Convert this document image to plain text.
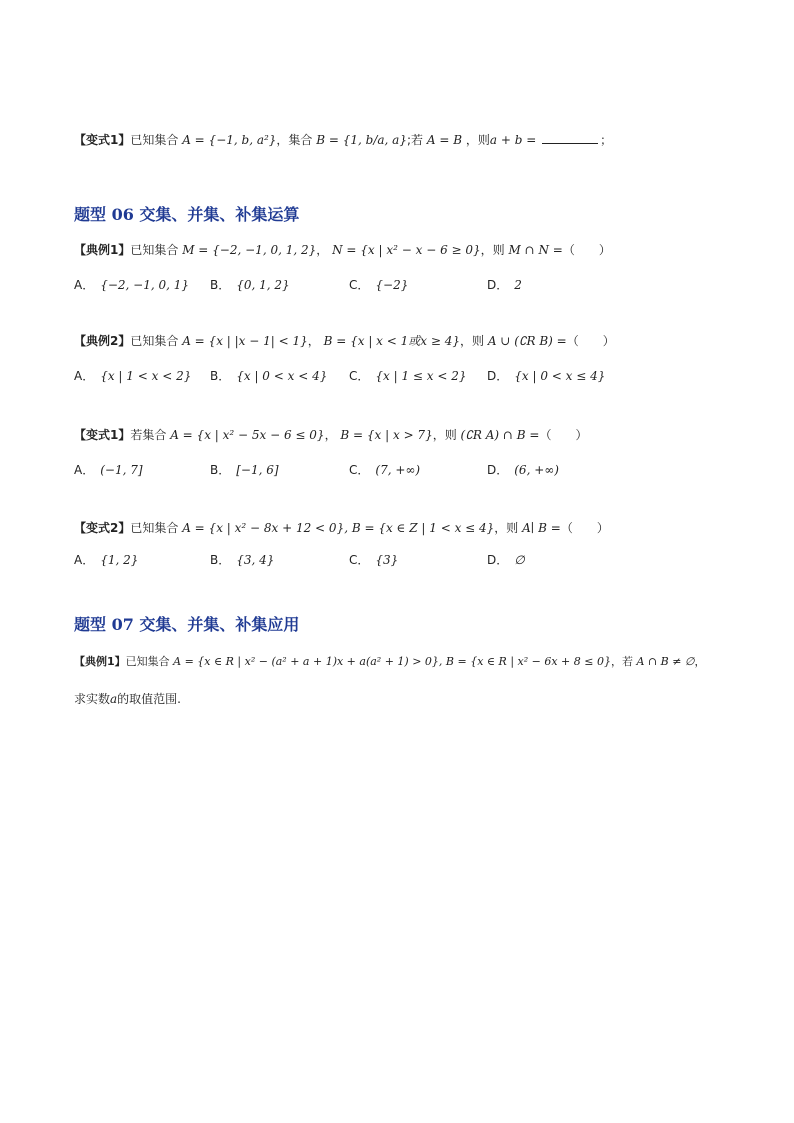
【变式1】已知集合 A = {−1, b, a²}，集合 B = {1, b/a, a};若 A = B ，则a + b =	；
题型 06 交集、并集、补集运算
【典例1】已知集合 M = {−2, −1, 0, 1, 2}， N = {x | x² − x − 6 ≥ 0}，则 M ∩ N =（　　）
A． {−2, −1, 0, 1} B． {0, 1, 2}	C． {−2}	D． 2
【典例2】已知集合 A = {x | |x − 1| < 1}， B = {x | x < 1或x ≥ 4}，则 A ∪ (∁R B) =（　　）
A． {x | 1 < x < 2} B． {x | 0 < x < 4} C． {x | 1 ≤ x < 2} D． {x | 0 < x ≤ 4}
【变式1】若集合 A = {x | x² − 5x − 6 ≤ 0}， B = {x | x > 7}，则 (∁R A) ∩ B =（　　）
A． (−1, 7]	B． [−1, 6]	C． (7, +∞)	D． (6, +∞)
【变式2】已知集合 A = {x | x² − 8x + 12 < 0}, B = {x ∈ Z | 1 < x ≤ 4}，则 A∣ B =（　　）
A． {1, 2}	B． {3, 4}	C． {3}	D． ∅
题型 07 交集、并集、补集应用
【典例1】已知集合 A = {x ∈ R | x² − (a² + a + 1)x + a(a² + 1) > 0}, B = {x ∈ R | x² − 6x + 8 ≤ 0}，若 A ∩ B ≠ ∅，
求实数a的取值范围.
